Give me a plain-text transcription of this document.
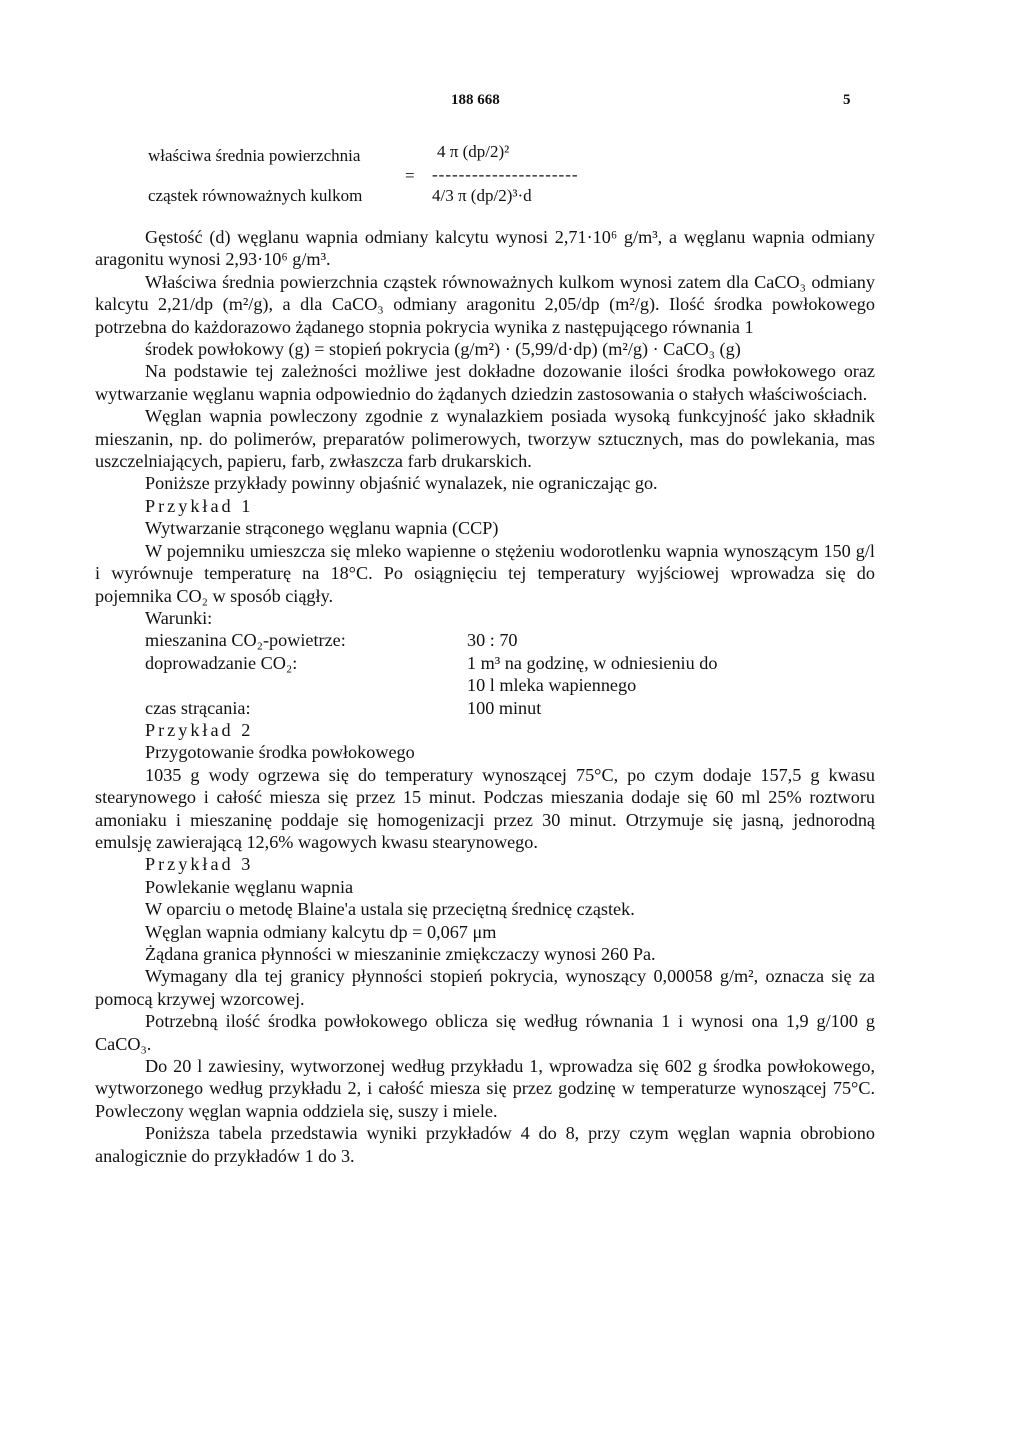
188 668	5
właściwa średnia powierzchnia
cząstek równoważnych kulkom
=
4 π (dp/2)²
----------------------
4/3 π (dp/2)³·d

Gęstość (d) węglanu wapnia odmiany kalcytu wynosi 2,71·10⁶ g/m³, a węglanu wapnia odmiany aragonitu wynosi 2,93·10⁶ g/m³.

Właściwa średnia powierzchnia cząstek równoważnych kulkom wynosi zatem dla CaCO₃ odmiany kalcytu 2,21/dp (m²/g), a dla CaCO₃ odmiany aragonitu 2,05/dp (m²/g). Ilość środka powłokowego potrzebna do każdorazowo żądanego stopnia pokrycia wynika z następującego równania 1

środek powłokowy (g) = stopień pokrycia (g/m²) · (5,99/d·dp) (m²/g) · CaCO₃ (g)

Na podstawie tej zależności możliwe jest dokładne dozowanie ilości środka powłokowego oraz wytwarzanie węglanu wapnia odpowiednio do żądanych dziedzin zastosowania o stałych właściwościach.

Węglan wapnia powleczony zgodnie z wynalazkiem posiada wysoką funkcyjność jako składnik mieszanin, np. do polimerów, preparatów polimerowych, tworzyw sztucznych, mas do powlekania, mas uszczelniających, papieru, farb, zwłaszcza farb drukarskich.

Poniższe przykłady powinny objaśnić wynalazek, nie ograniczając go.

Przykład 1

Wytwarzanie strąconego węglanu wapnia (CCP)

W pojemniku umieszcza się mleko wapienne o stężeniu wodorotlenku wapnia wynoszącym 150 g/l i wyrównuje temperaturę na 18°C. Po osiągnięciu tej temperatury wyjściowej wprowadza się do pojemnika CO₂ w sposób ciągły.

Warunki:

mieszanina CO₂-powietrze:	30 : 70
doprowadzanie CO₂:	1 m³ na godzinę, w odniesieniu do 10 l mleka wapiennego
czas strącania:	100 minut

Przykład 2

Przygotowanie środka powłokowego

1035 g wody ogrzewa się do temperatury wynoszącej 75°C, po czym dodaje 157,5 g kwasu stearynowego i całość miesza się przez 15 minut. Podczas mieszania dodaje się 60 ml 25% roztworu amoniaku i mieszaninę poddaje się homogenizacji przez 30 minut. Otrzymuje się jasną, jednorodną emulsję zawierającą 12,6% wagowych kwasu stearynowego.

Przykład 3

Powlekanie węglanu wapnia

W oparciu o metodę Blaine'a ustala się przeciętną średnicę cząstek.

Węglan wapnia odmiany kalcytu dp = 0,067 μm

Żądana granica płynności w mieszaninie zmiękczaczy wynosi 260 Pa.

Wymagany dla tej granicy płynności stopień pokrycia, wynoszący 0,00058 g/m², oznacza się za pomocą krzywej wzorcowej.

Potrzebną ilość środka powłokowego oblicza się według równania 1 i wynosi ona 1,9 g/100 g CaCO₃.

Do 20 l zawiesiny, wytworzonej według przykładu 1, wprowadza się 602 g środka powłokowego, wytworzonego według przykładu 2, i całość miesza się przez godzinę w temperaturze wynoszącej 75°C. Powleczony węglan wapnia oddziela się, suszy i miele.

Poniższa tabela przedstawia wyniki przykładów 4 do 8, przy czym węglan wapnia obrobiono analogicznie do przykładów 1 do 3.
